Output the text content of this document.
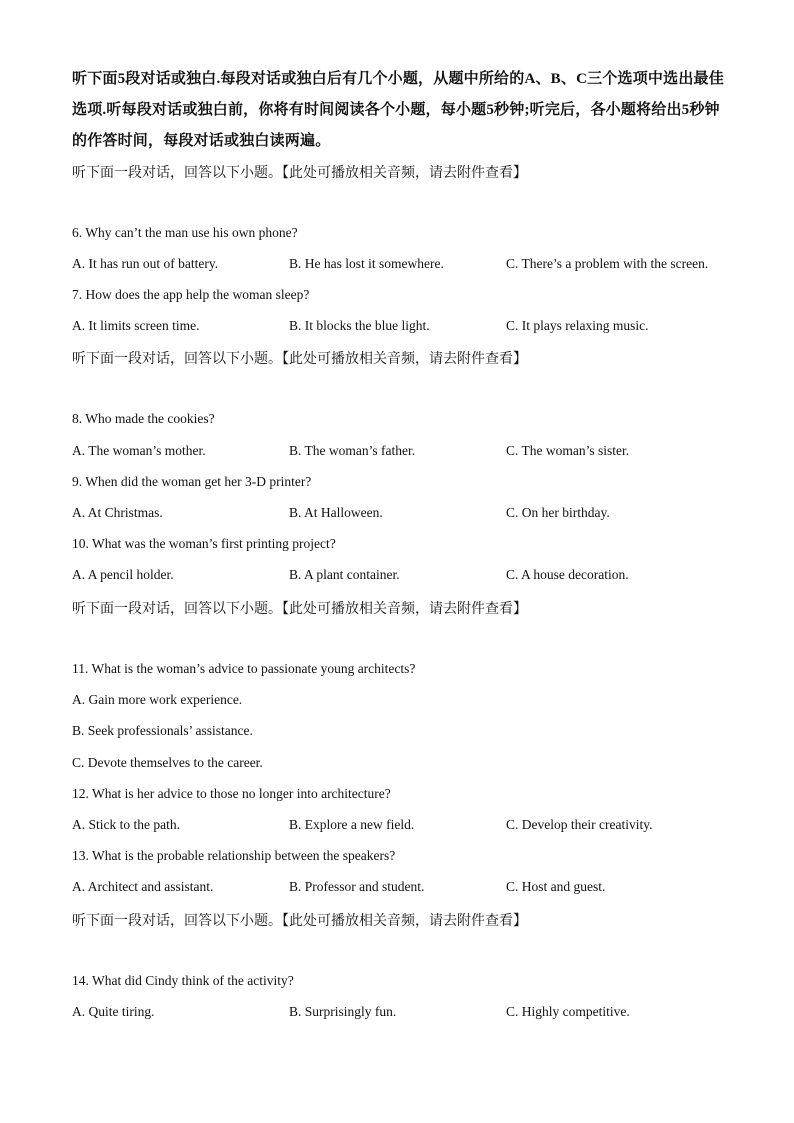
听下面5段对话或独白.每段对话或独白后有几个小题，从题中所给的A、B、C三个选项中选出最佳选项.听每段对话或独白前，你将有时间阅读各个小题，每小题5秒钟;听完后，各小题将给出5秒钟的作答时间，每段对话或独白读两遍。
听下面一段对话，回答以下小题。【此处可播放相关音频，请去附件查看】
6. Why can’t the man use his own phone?
A. It has run out of battery.	B. He has lost it somewhere.	C. There’s a problem with the screen.
7. How does the app help the woman sleep?
A. It limits screen time.	B. It blocks the blue light.	C. It plays relaxing music.
听下面一段对话，回答以下小题。【此处可播放相关音频，请去附件查看】
8. Who made the cookies?
A. The woman’s mother.	B. The woman’s father.	C. The woman’s sister.
9. When did the woman get her 3-D printer?
A. At Christmas.	B. At Halloween.	C. On her birthday.
10. What was the woman’s first printing project?
A. A pencil holder.	B. A plant container.	C. A house decoration.
听下面一段对话，回答以下小题。【此处可播放相关音频，请去附件查看】
11. What is the woman’s advice to passionate young architects?
A. Gain more work experience.
B. Seek professionals’ assistance.
C. Devote themselves to the career.
12. What is her advice to those no longer into architecture?
A. Stick to the path.	B. Explore a new field.	C. Develop their creativity.
13. What is the probable relationship between the speakers?
A. Architect and assistant.	B. Professor and student.	C. Host and guest.
听下面一段对话，回答以下小题。【此处可播放相关音频，请去附件查看】
14. What did Cindy think of the activity?
A. Quite tiring.	B. Surprisingly fun.	C. Highly competitive.
